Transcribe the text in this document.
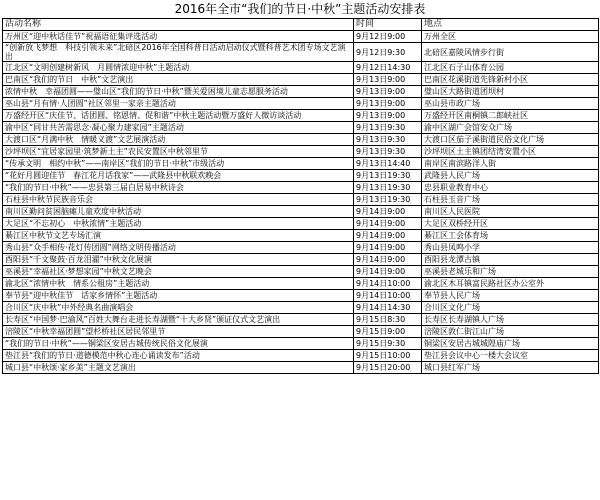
2016年全市“我们的节日·中秋”主题活动安排表
活动名称	时间	地点
万州区“迎中秋话佳节”祝福语征集评选活动	9月12日9:00	万州全区
“创新放飞梦想　科技引领未来”北碚区2016年全国科普日活动启动仪式暨科普艺术团专场文艺演出	9月12日9:30	北碚区嘉陵风情步行街
江北区“文明创建树新风　月圆情浓迎中秋”主题活动	9月12日14:30	江北区石子山体育公园
巴南区“我们的节日　中秋”文艺演出	9月13日9:00	巴南区花溪街道先锋新村小区
浓情中秋　幸福团圆——璧山区“我们的节日·中秋”暨关爱困境儿童志愿服务活动	9月13日9:00	璧山区大路街道团坝村
巫山县“月有情·人团圆”社区邻里一家亲主题活动	9月13日9:00	巫山县市政广场
万盛经开区“庆佳节、话团圆、铭恩情、促和谐”中秋主题活动暨万盛好人微访谈活动	9月13日9:00	万盛经开区南桐镇二郎峡社区
渝中区“同甘共苦需思念·凝心聚力建家园”主题活动	9月13日9:30	渝中区湖广会馆安众广场
大渡口区“月满中秋　情暖义渡”文艺展演活动	9月13日9:30	大渡口区茄子溪街道民俗文化广场
沙坪坝区“宜居家园里·筑梦新土主”农民安置区中秋邻里节	9月13日9:30	沙坪坝区土主镇团结湾安置小区
“传承文明　相约中秋”——南岸区“我们的节日·中秋”市级活动	9月13日14:40	南岸区南滨路洋人街
“花好月圆迎佳节　春江花月话我家”——武隆县中秋联欢晚会	9月13日19:30	武隆县人民广场
“我们的节日·中秋”——忠县第三届白居易中秋诗会	9月13日19:30	忠县职业教育中心
石柱县中秋节民族音乐会	9月13日19:30	石柱县玉音广场
南川区勤问贫困脑瘫儿童欢度中秋活动	9月14日9:00	南川区人民医院
大足区“不忘初心　中秋浓情”主题活动	9月14日9:00	大足区双桥经开区
綦江区中秋节文艺专场汇演	9月14日9:00	綦江区工会体育场
秀山县“众手相传·花灯传团圆”网络文明传播活动	9月14日9:00	秀山县凤鸣小学
酉阳县“千文聚鼓·百龙泪濯”中秋文化展演	9月14日9:00	酉阳县龙潭古镇
巫溪县“幸福社区·梦想家园”中秋文艺晚会	9月14日9:00	巫溪县老城乐和广场
渝北区“浓情中秋　情系公租房”主题活动	9月14日10:00	渝北区木耳镇富民路社区办公室外
奉节县“迎中秋佳节　话家乡情怀”主题活动	9月14日10:00	奉节县人民广场
合川区“庆中秋”中外经典名曲演唱会	9月14日14:30	合川区文化广场
长寿区“中国梦·巴渝风”百姓大舞台走进长寿湖暨“十大乡贤”颁证仪式文艺演出	9月15日8:30	长寿区长寿湖镇人广场
涪陵区“中秋幸福团圆”望杉桥社区居民邻里节	9月15日9:00	涪陵区敦仁街江山广场
“我们的节日·中秋”——铜梁区安居古城传统民俗文化展演	9月15日9:30	铜梁区安居古城城隍庙广场
垫江县“我们的节日·道德模范中秋心连心诵读发布”活动	9月15日10:00	垫江县会议中心一楼大会议室
城口县“中秋颂·家乡美”主题文艺演出	9月15日20:00	城口县红军广场
